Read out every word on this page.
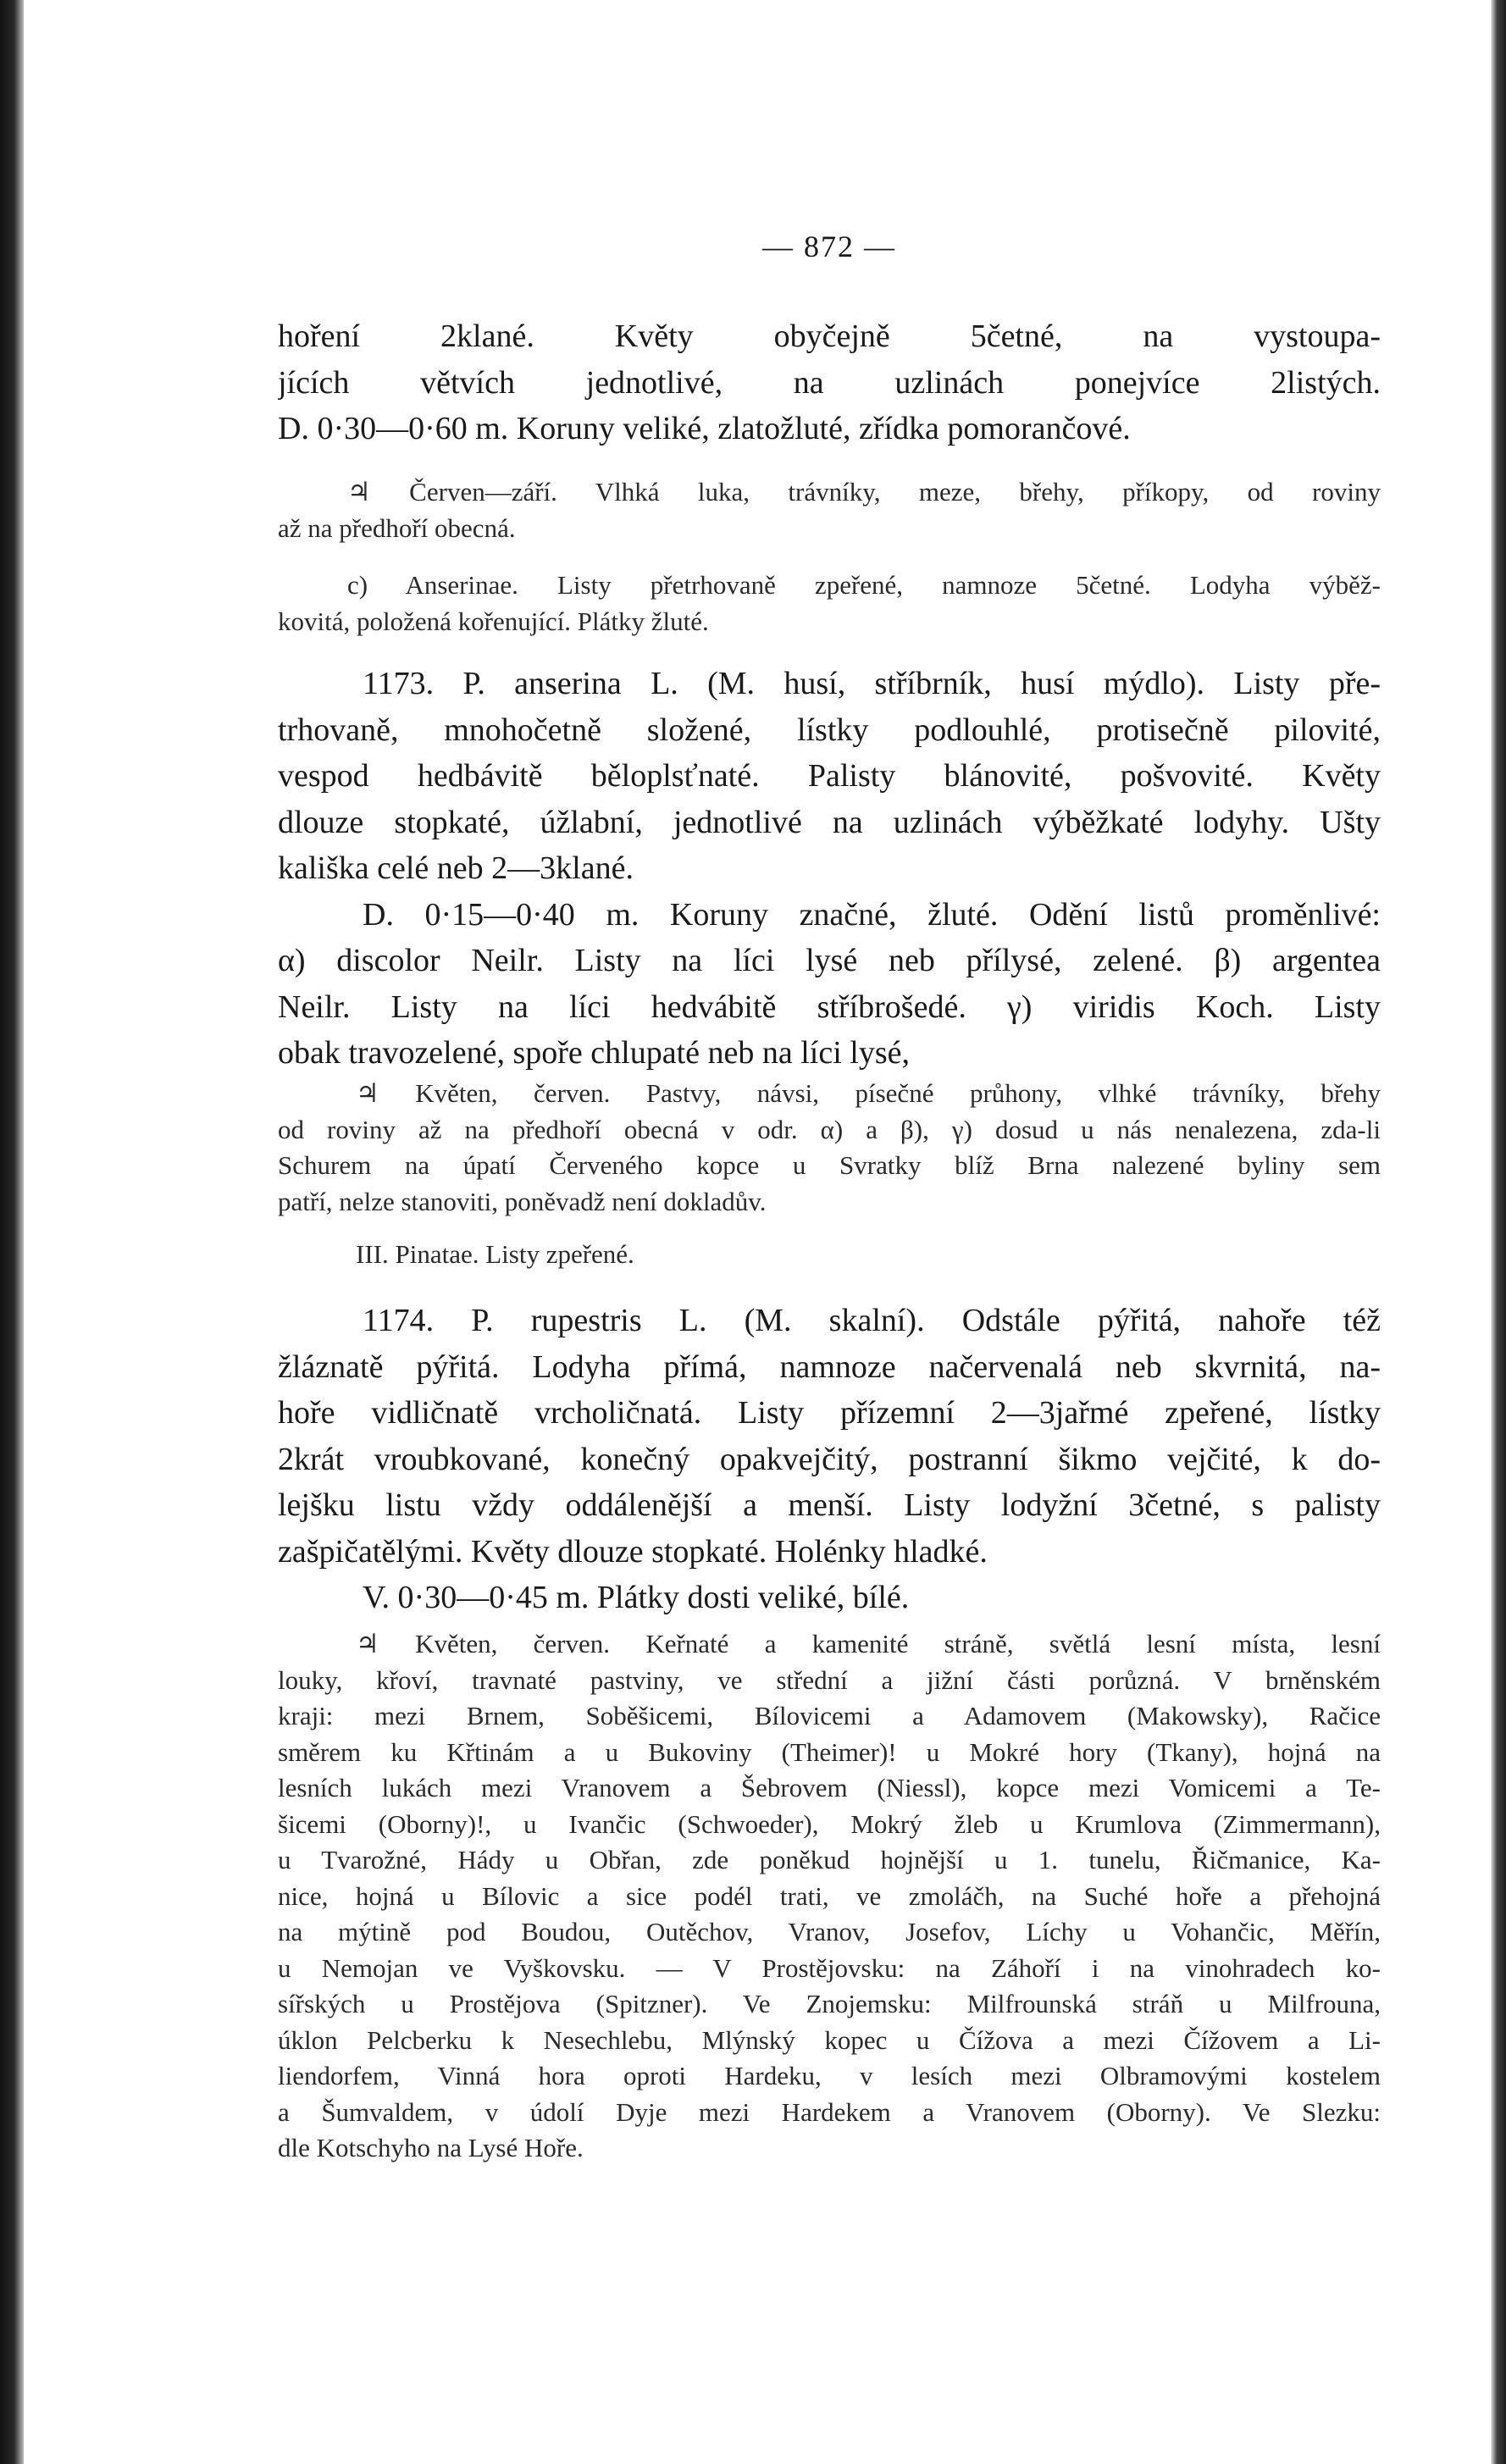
— 872 —
hoření 2klané. Květy obyčejně 5četné, na vystoupa-
jících větvích jednotlivé, na uzlinách ponejvíce 2listých.
D. 0·30—0·60 m. Koruny veliké, zlatožluté, zřídka pomorančové.
♃ Červen—září. Vlhká luka, trávníky, meze, břehy, příkopy, od roviny
až na předhoří obecná.
c) Anserinae. Listy přetrhovaně zpeřené, namnoze 5četné. Lodyha výběž-
kovitá, položená kořenující. Plátky žluté.
1173. P. anserina L. (M. husí, stříbrník, husí mýdlo). Listy pře-
trhovaně, mnohočetně složené, lístky podlouhlé, protisečně pilovité,
vespod hedbávitě běloplsťnaté. Palisty blánovité, pošvovité. Květy
dlouze stopkaté, úžlabní, jednotlivé na uzlinách výběžkaté lodyhy. Ušty
kališka celé neb 2—3klané.
D. 0·15—0·40 m. Koruny značné, žluté. Odění listů proměnlivé:
α) discolor Neilr. Listy na líci lysé neb přílysé, zelené. β) argentea
Neilr. Listy na líci hedvábitě stříbrošedé. γ) viridis Koch. Listy
obak travozelené, spoře chlupaté neb na líci lysé,
♃ Květen, červen. Pastvy, návsi, písečné průhony, vlhké trávníky, břehy
od roviny až na předhoří obecná v odr. α) a β), γ) dosud u nás nenalezena, zda-li
Schurem na úpatí Červeného kopce u Svratky blíž Brna nalezené byliny sem
patří, nelze stanoviti, poněvadž není dokladův.
III. Pinatae. Listy zpeřené.
1174. P. rupestris L. (M. skalní). Odstále pýřitá, nahoře též
žláznatě pýřitá. Lodyha přímá, namnoze načervenalá neb skvrnitá, na-
hoře vidličnatě vrcholičnatá. Listy přízemní 2—3jařmé zpeřené, lístky
2krát vroubkované, konečný opakvejčitý, postranní šikmo vejčité, k do-
lejšku listu vždy oddálenější a menší. Listy lodyžní 3četné, s palisty
zašpičatělými. Květy dlouze stopkaté. Holénky hladké.
V. 0·30—0·45 m. Plátky dosti veliké, bílé.
♃ Květen, červen. Keřnaté a kamenité stráně, světlá lesní místa, lesní
louky, křoví, travnaté pastviny, ve střední a jižní části porůzná. V brněnském
kraji: mezi Brnem, Soběšicemi, Bílovicemi a Adamovem (Makowsky), Račice
směrem ku Křtinám a u Bukoviny (Theimer)! u Mokré hory (Tkany), hojná na
lesních lukách mezi Vranovem a Šebrovem (Niessl), kopce mezi Vomicemi a Te-
šicemi (Oborny)!, u Ivančic (Schwoeder), Mokrý žleb u Krumlova (Zimmermann),
u Tvarožné, Hády u Obřan, zde poněkud hojnější u 1. tunelu, Řičmanice, Ka-
nice, hojná u Bílovic a sice podél trati, ve zmoláčh, na Suché hoře a přehojná
na mýtině pod Boudou, Outěchov, Vranov, Josefov, Líchy u Vohančic, Měřín,
u Nemojan ve Vyškovsku. — V Prostějovsku: na Záhoří i na vinohradech ko-
sířských u Prostějova (Spitzner). Ve Znojemsku: Milfrounská stráň u Milfrouna,
úklon Pelcberku k Nesechlebu, Mlýnský kopec u Čížova a mezi Čížovem a Li-
liendorfem, Vinná hora oproti Hardeku, v lesích mezi Olbramovými kostelem
a Šumvaldem, v údolí Dyje mezi Hardekem a Vranovem (Oborny). Ve Slezku:
dle Kotschyho na Lysé Hoře.
